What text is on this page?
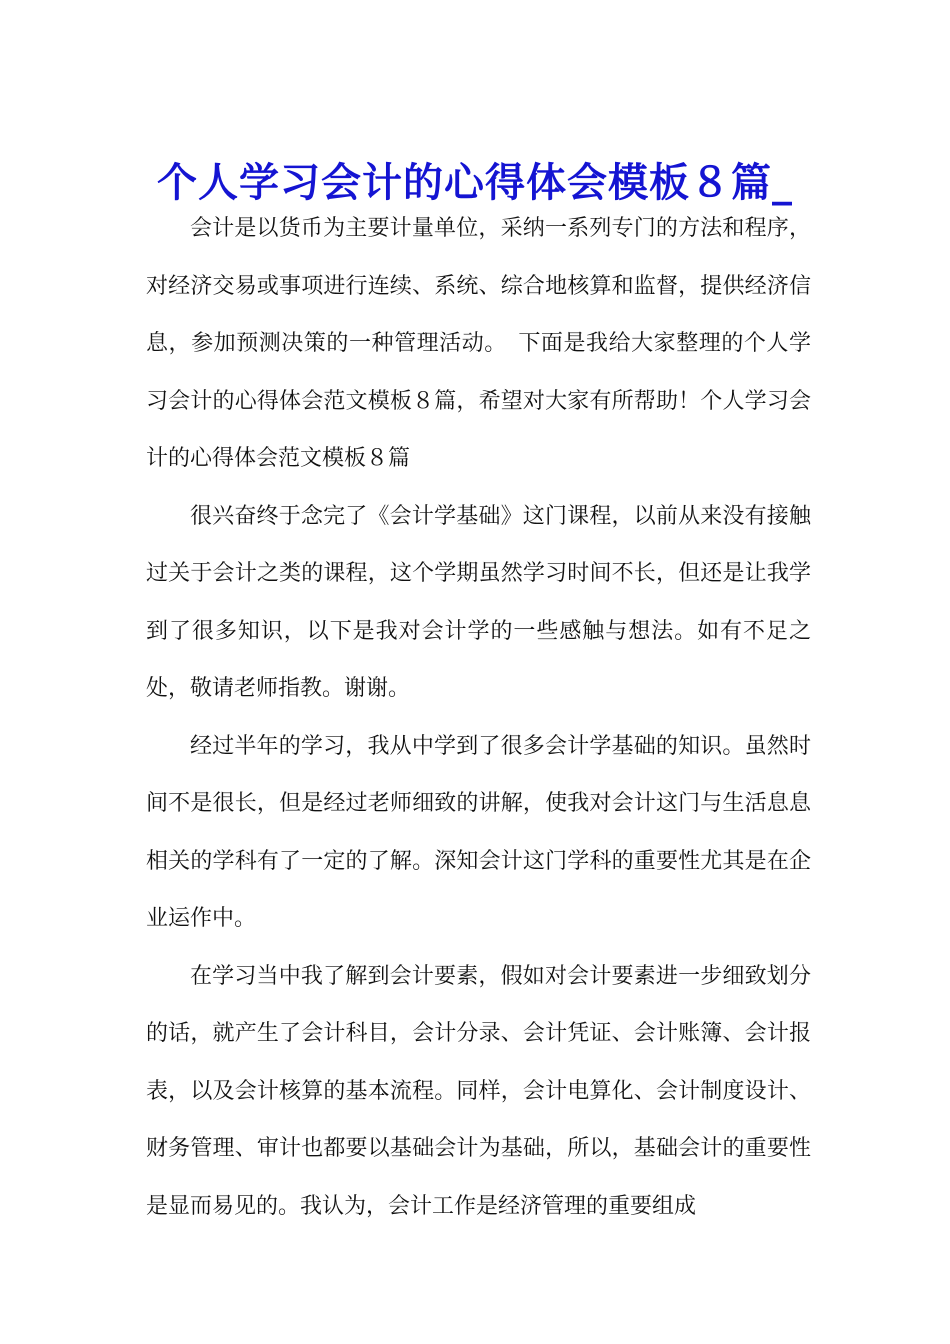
个人学习会计的心得体会模板８篇_

会计是以货币为主要计量单位，采纳一系列专门的方法和程序，对经济交易或事项进行连续、系统、综合地核算和监督，提供经济信息，参加预测决策的一种管理活动。　下面是我给大家整理的个人学习会计的心得体会范文模板８篇，希望对大家有所帮助！个人学习会计的心得体会范文模板８篇

很兴奋终于念完了《会计学基础》这门课程，以前从来没有接触过关于会计之类的课程，这个学期虽然学习时间不长，但还是让我学到了很多知识，以下是我对会计学的一些感触与想法。如有不足之处，敬请老师指教。谢谢。

经过半年的学习，我从中学到了很多会计学基础的知识。虽然时间不是很长，但是经过老师细致的讲解，使我对会计这门与生活息息相关的学科有了一定的了解。深知会计这门学科的重要性尤其是在企业运作中。

在学习当中我了解到会计要素，假如对会计要素进一步细致划分的话，就产生了会计科目，会计分录、会计凭证、会计账簿、会计报表，以及会计核算的基本流程。同样，会计电算化、会计制度设计、财务管理、审计也都要以基础会计为基础，所以，基础会计的重要性是显而易见的。我认为，会计工作是经济管理的重要组成
